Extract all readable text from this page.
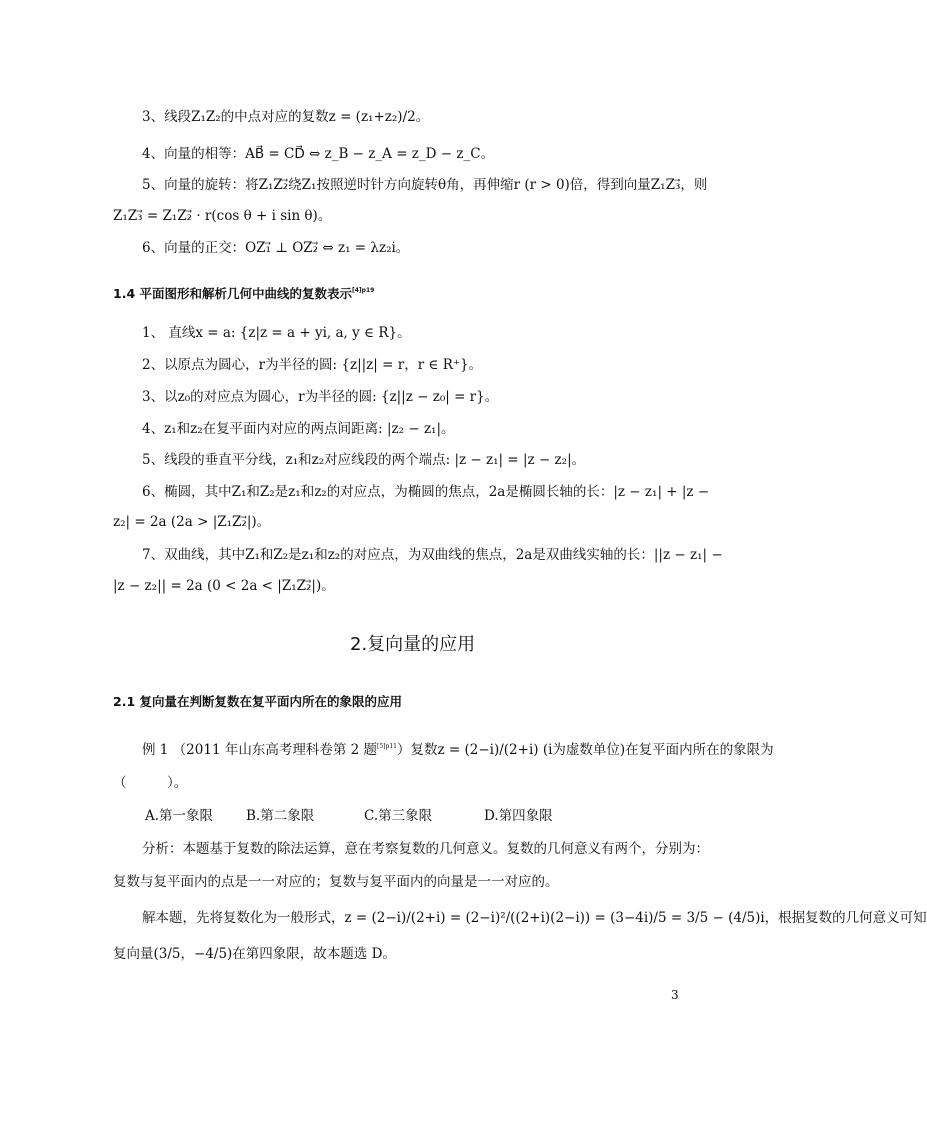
3、线段Z₁Z₂的中点对应的复数z = (z₁+z₂)/2。
4、向量的相等：AB⃗ = CD⃗ ⇔ z_B − z_A = z_D − z_C。
5、向量的旋转：将Z₁Z₂⃗绕Z₁按照逆时针方向旋转θ角，再伸缩r (r > 0)倍，得到向量Z₁Z₃⃗，则
Z₁Z₃⃗ = Z₁Z₂⃗ · r(cos θ + i sin θ)。
6、向量的正交：OZ₁⃗ ⊥ OZ₂⃗ ⇔ z₁ = λz₂i。
1.4 平面图形和解析几何中曲线的复数表示$^{[4]p19}$
1、 直线x = a: {z|z = a + yi, a, y ∈ R}。
2、以原点为圆心，r为半径的圆: {z||z| = r，r ∈ R⁺}。
3、以z₀的对应点为圆心，r为半径的圆: {z||z − z₀| = r}。
4、z₁和z₂在复平面内对应的两点间距离: |z₂ − z₁|。
5、线段的垂直平分线，z₁和z₂对应线段的两个端点: |z − z₁| = |z − z₂|。
6、椭圆，其中Z₁和Z₂是z₁和z₂的对应点，为椭圆的焦点，2a是椭圆长轴的长：|z − z₁| + |z −
z₂| = 2a (2a > |Z₁Z₂⃗|)。
7、双曲线，其中Z₁和Z₂是z₁和z₂的对应点，为双曲线的焦点，2a是双曲线实轴的长：||z − z₁| −
|z − z₂|| = 2a (0 < 2a < |Z₁Z₂⃗|)。
2.复向量的应用
2.1 复向量在判断复数在复平面内所在的象限的应用
例 1 （2011 年山东高考理科卷第 2 题$^{[5]p11}$）复数z = (2−i)/(2+i) (i为虚数单位)在复平面内所在的象限为
（　　　）。
A.第一象限 B.第二象限	C.第三象限	D.第四象限
分析：本题基于复数的除法运算，意在考察复数的几何意义。复数的几何意义有两个，分别为：
复数与复平面内的点是一一对应的；复数与复平面内的向量是一一对应的。
解本题，先将复数化为一般形式，z = (2−i)/(2+i) = (2−i)²/((2+i)(2−i)) = (3−4i)/5 = 3/5 − (4/5)i，根据复数的几何意义可知
复向量(3/5，−4/5)在第四象限，故本题选 D。
3
